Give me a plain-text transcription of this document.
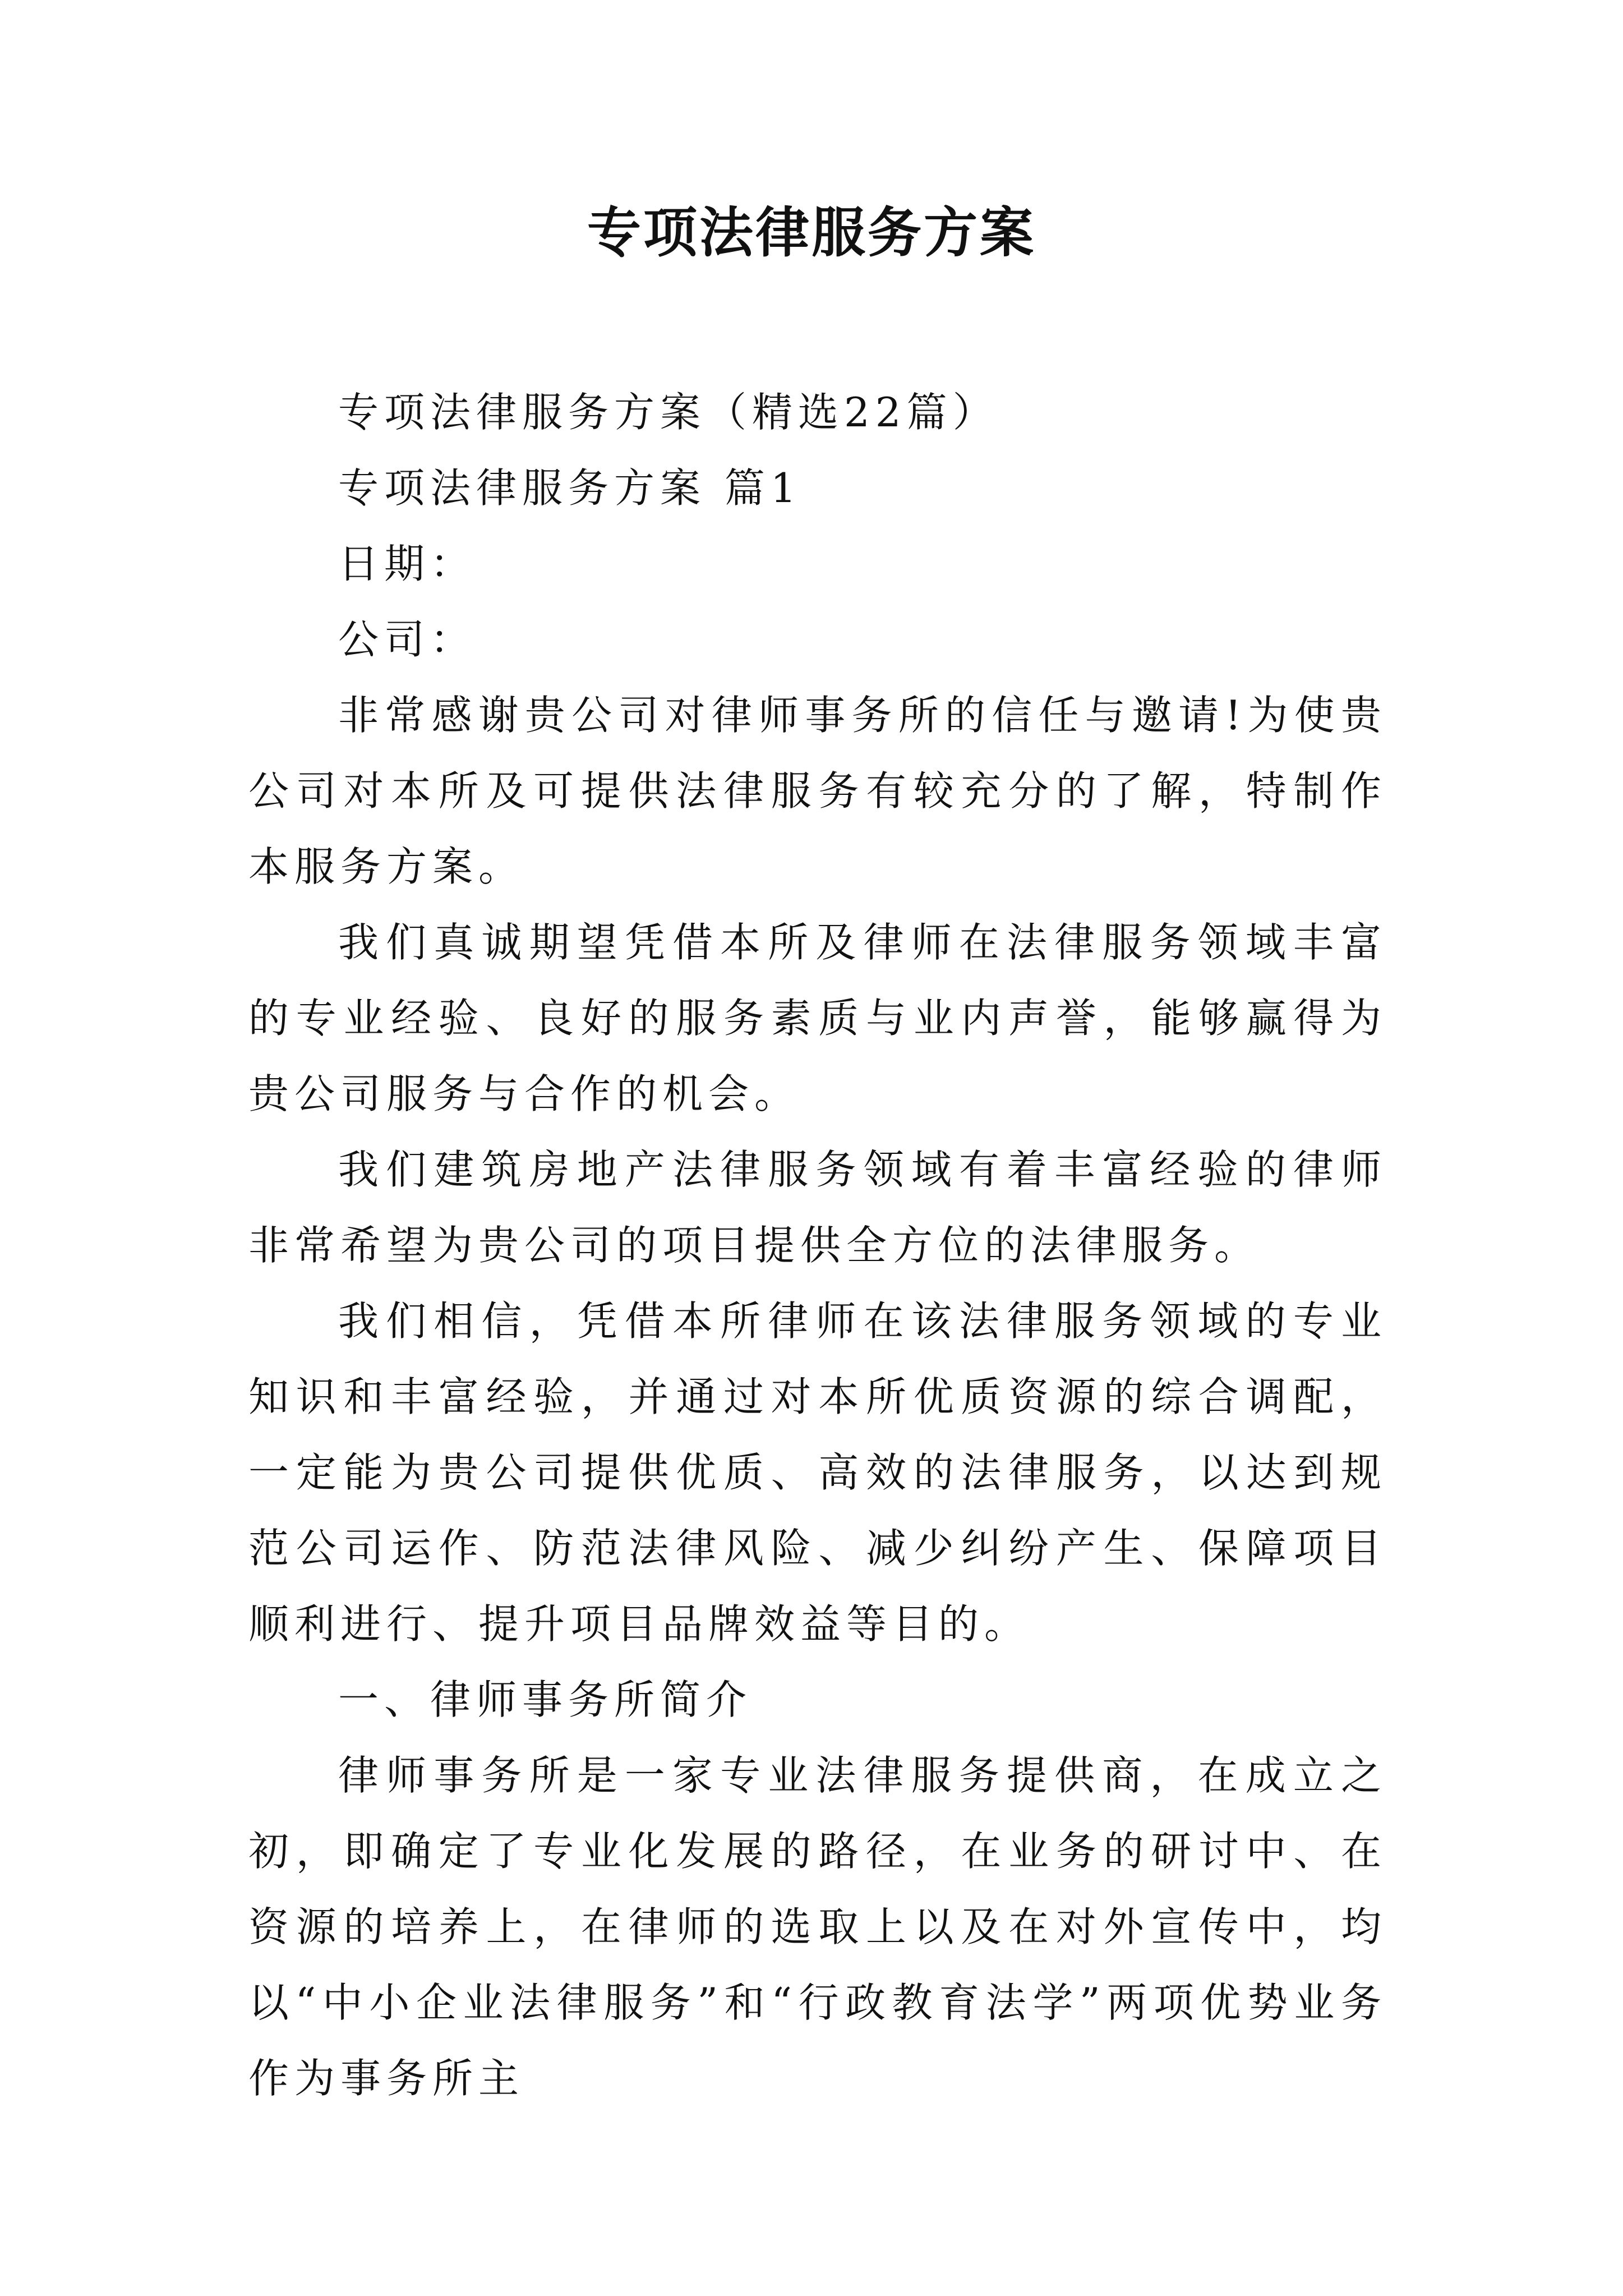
专项法律服务方案

专项法律服务方案（精选22篇）

专项法律服务方案 篇1

日期：

公司：

非常感谢贵公司对律师事务所的信任与邀请!为使贵公司对本所及可提供法律服务有较充分的了解，特制作本服务方案。

我们真诚期望凭借本所及律师在法律服务领域丰富的专业经验、良好的服务素质与业内声誉，能够赢得为贵公司服务与合作的机会。

我们建筑房地产法律服务领域有着丰富经验的律师非常希望为贵公司的项目提供全方位的法律服务。

我们相信，凭借本所律师在该法律服务领域的专业知识和丰富经验，并通过对本所优质资源的综合调配，一定能为贵公司提供优质、高效的法律服务，以达到规范公司运作、防范法律风险、减少纠纷产生、保障项目顺利进行、提升项目品牌效益等目的。

一、律师事务所简介

律师事务所是一家专业法律服务提供商，在成立之初，即确定了专业化发展的路径，在业务的研讨中、在资源的培养上，在律师的选取上以及在对外宣传中，均以“中小企业法律服务”和“行政教育法学”两项优势业务作为事务所主
